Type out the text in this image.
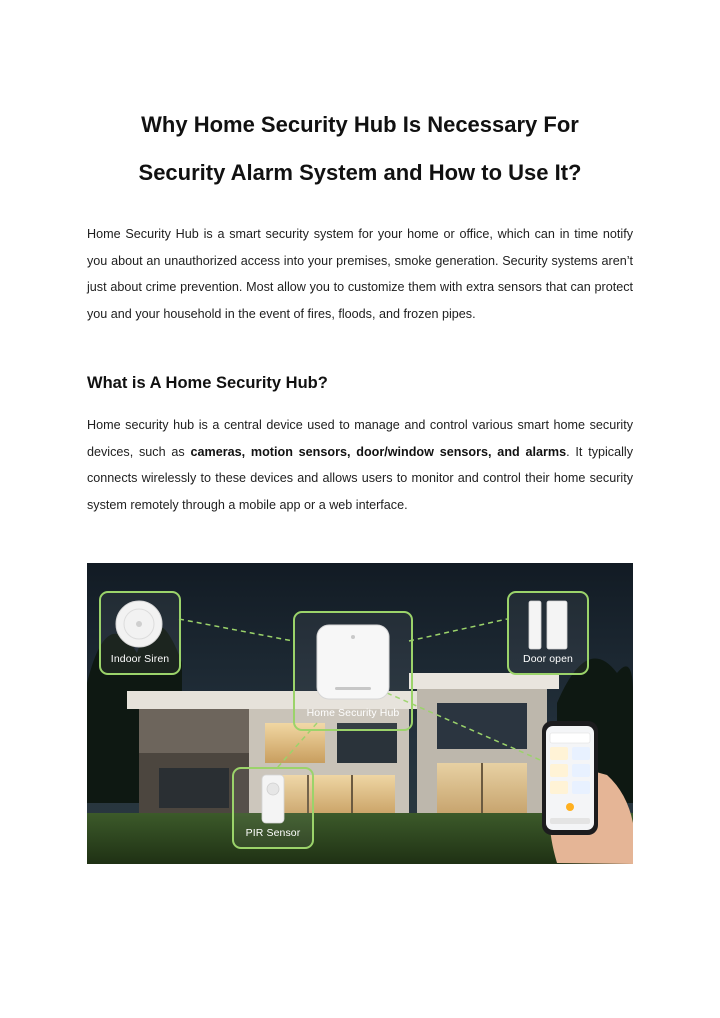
Why Home Security Hub Is Necessary For
Security Alarm System and How to Use It?

Home Security Hub is a smart security system for your home or office, which can in time notify you about an unauthorized access into your premises, smoke generation. Security systems aren’t just about crime prevention. Most allow you to customize them with extra sensors that can protect you and your household in the event of fires, floods, and frozen pipes.

What is A Home Security Hub?

Home security hub is a central device used to manage and control various smart home security devices, such as cameras, motion sensors, door/window sensors, and alarms. It typically connects wirelessly to these devices and allows users to monitor and control their home security system remotely through a mobile app or a web interface.

Indoor Siren
Home Security Hub
Door open
PIR Sensor
